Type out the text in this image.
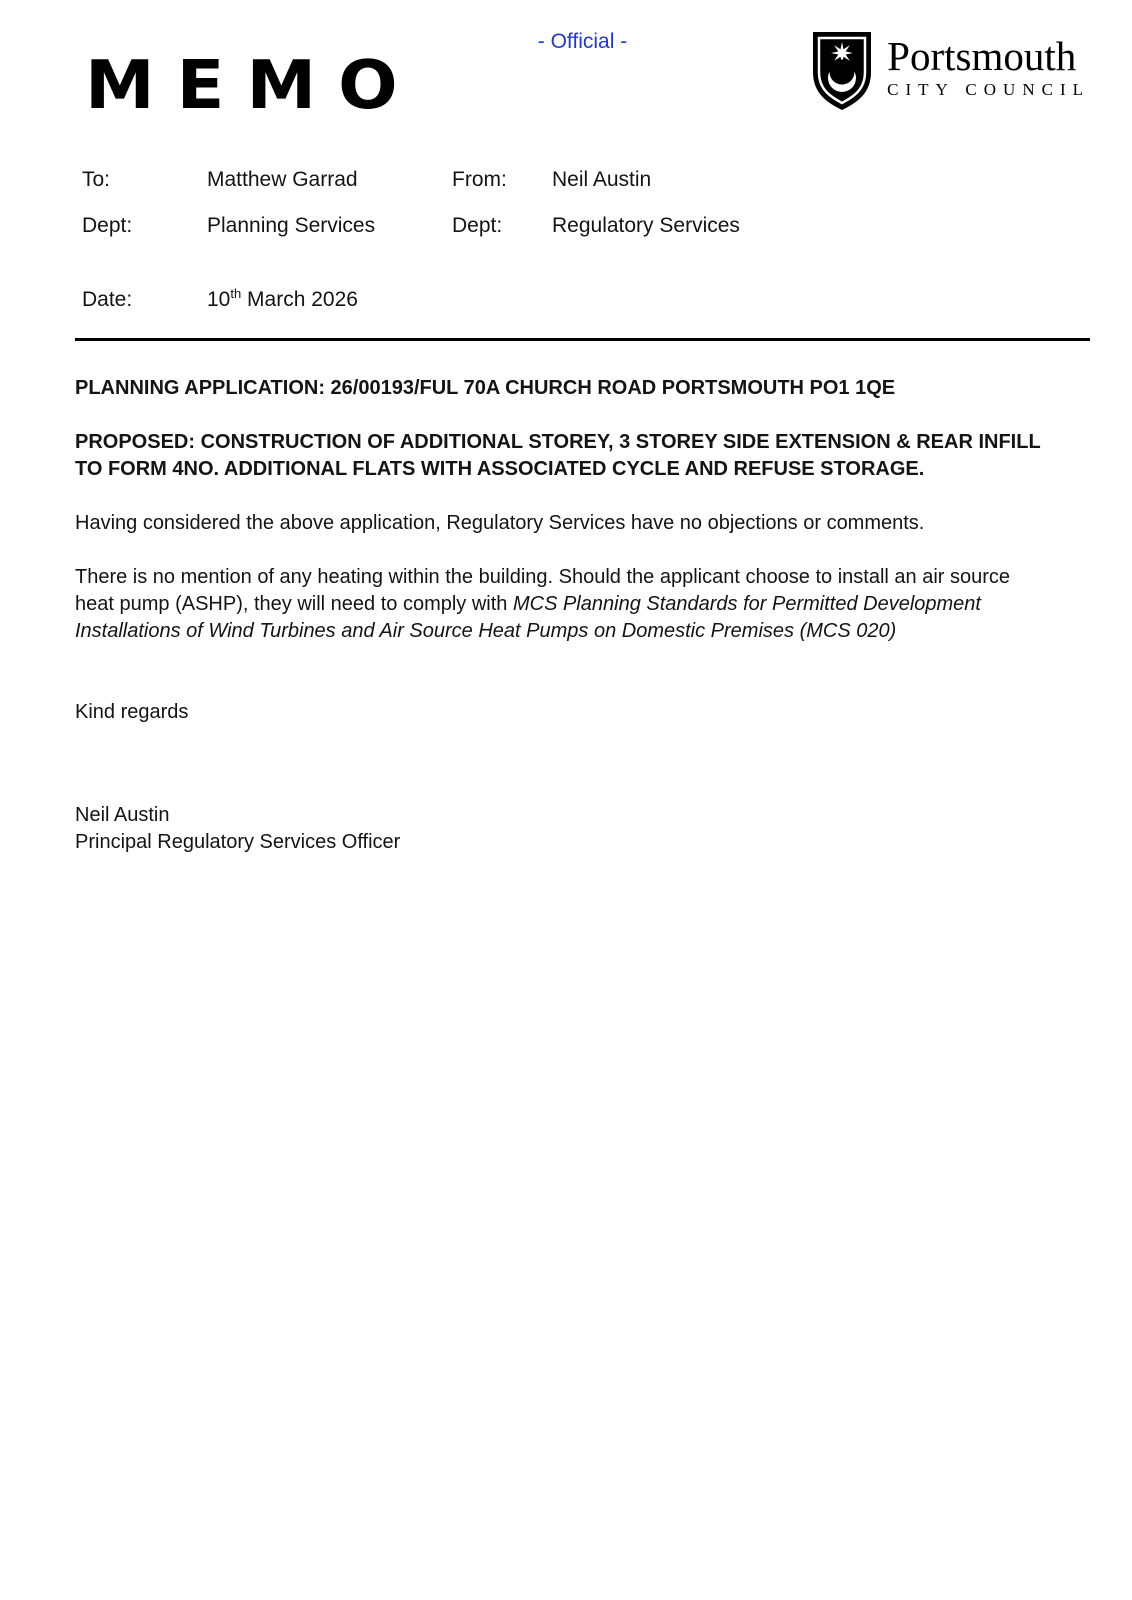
- Official -
MEMO	Portsmouth
CITY COUNCIL
To:	Matthew Garrad	From:	Neil Austin
Dept:	Planning Services	Dept:	Regulatory Services
Date:	10th March 2026

PLANNING APPLICATION: 26/00193/FUL 70A CHURCH ROAD PORTSMOUTH PO1 1QE

PROPOSED: CONSTRUCTION OF ADDITIONAL STOREY, 3 STOREY SIDE EXTENSION & REAR INFILL TO FORM 4NO. ADDITIONAL FLATS WITH ASSOCIATED CYCLE AND REFUSE STORAGE.

Having considered the above application, Regulatory Services have no objections or comments.

There is no mention of any heating within the building. Should the applicant choose to install an air source heat pump (ASHP), they will need to comply with MCS Planning Standards for Permitted Development Installations of Wind Turbines and Air Source Heat Pumps on Domestic Premises (MCS 020)

Kind regards

Neil Austin
Principal Regulatory Services Officer
